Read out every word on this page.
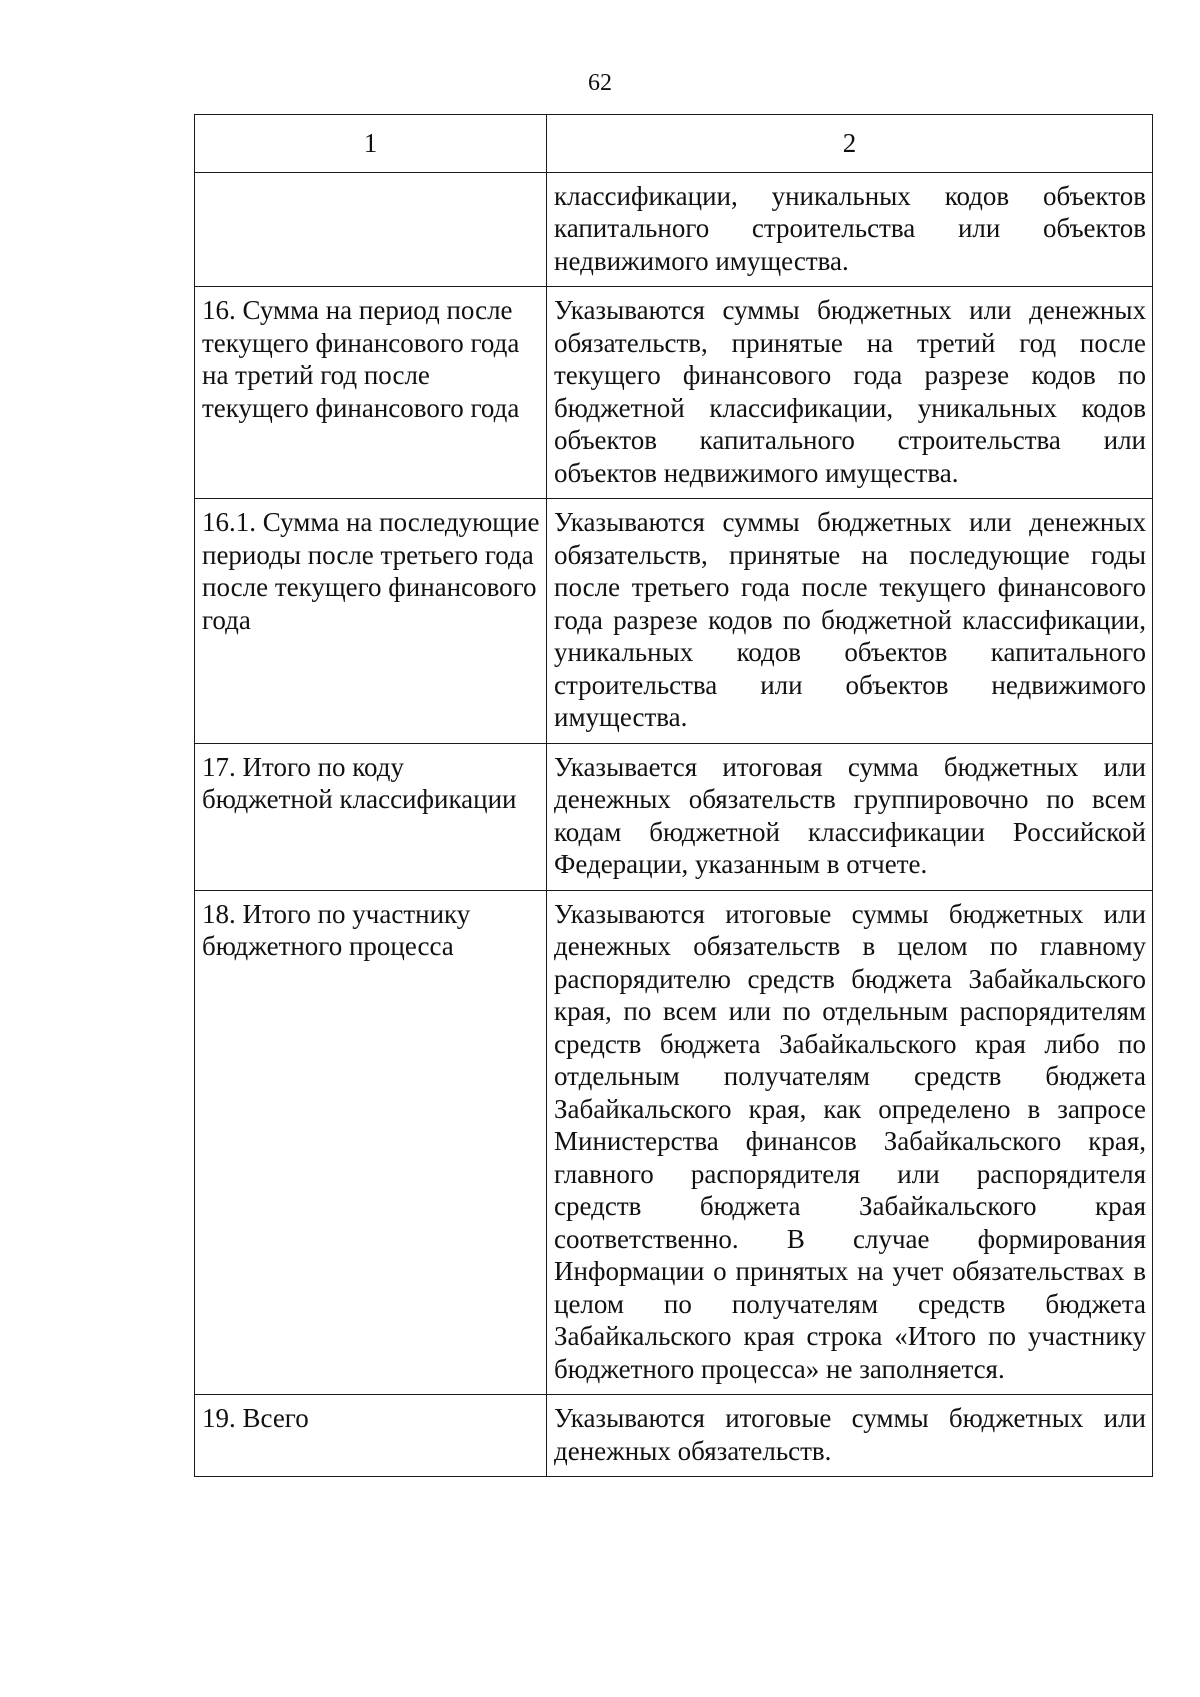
62
1	2
	классификации, уникальных кодов объектов капитального строительства или объектов недвижимого имущества.
16. Сумма на период после текущего финансового года на третий год после текущего финансового года	Указываются суммы бюджетных или денежных обязательств, принятые на третий год после текущего финансового года разрезе кодов по бюджетной классификации, уникальных кодов объектов капитального строительства или объектов недвижимого имущества.
16.1. Сумма на последующие периоды после третьего года после текущего финансового года	Указываются суммы бюджетных или денежных обязательств, принятые на последующие годы после третьего года после текущего финансового года разрезе кодов по бюджетной классификации, уникальных кодов объектов капитального строительства или объектов недвижимого имущества.
17. Итого по коду бюджетной классификации	Указывается итоговая сумма бюджетных или денежных обязательств группировочно по всем кодам бюджетной классификации Российской Федерации, указанным в отчете.
18. Итого по участнику бюджетного процесса	Указываются итоговые суммы бюджетных или денежных обязательств в целом по главному распорядителю средств бюджета Забайкальского края, по всем или по отдельным распорядителям средств бюджета Забайкальского края либо по отдельным получателям средств бюджета Забайкальского края, как определено в запросе Министерства финансов Забайкальского края, главного распорядителя или распорядителя средств бюджета Забайкальского края соответственно. В случае формирования Информации о принятых на учет обязательствах в целом по получателям средств бюджета Забайкальского края строка «Итого по участнику бюджетного процесса» не заполняется.
19. Всего	Указываются итоговые суммы бюджетных или денежных обязательств.
